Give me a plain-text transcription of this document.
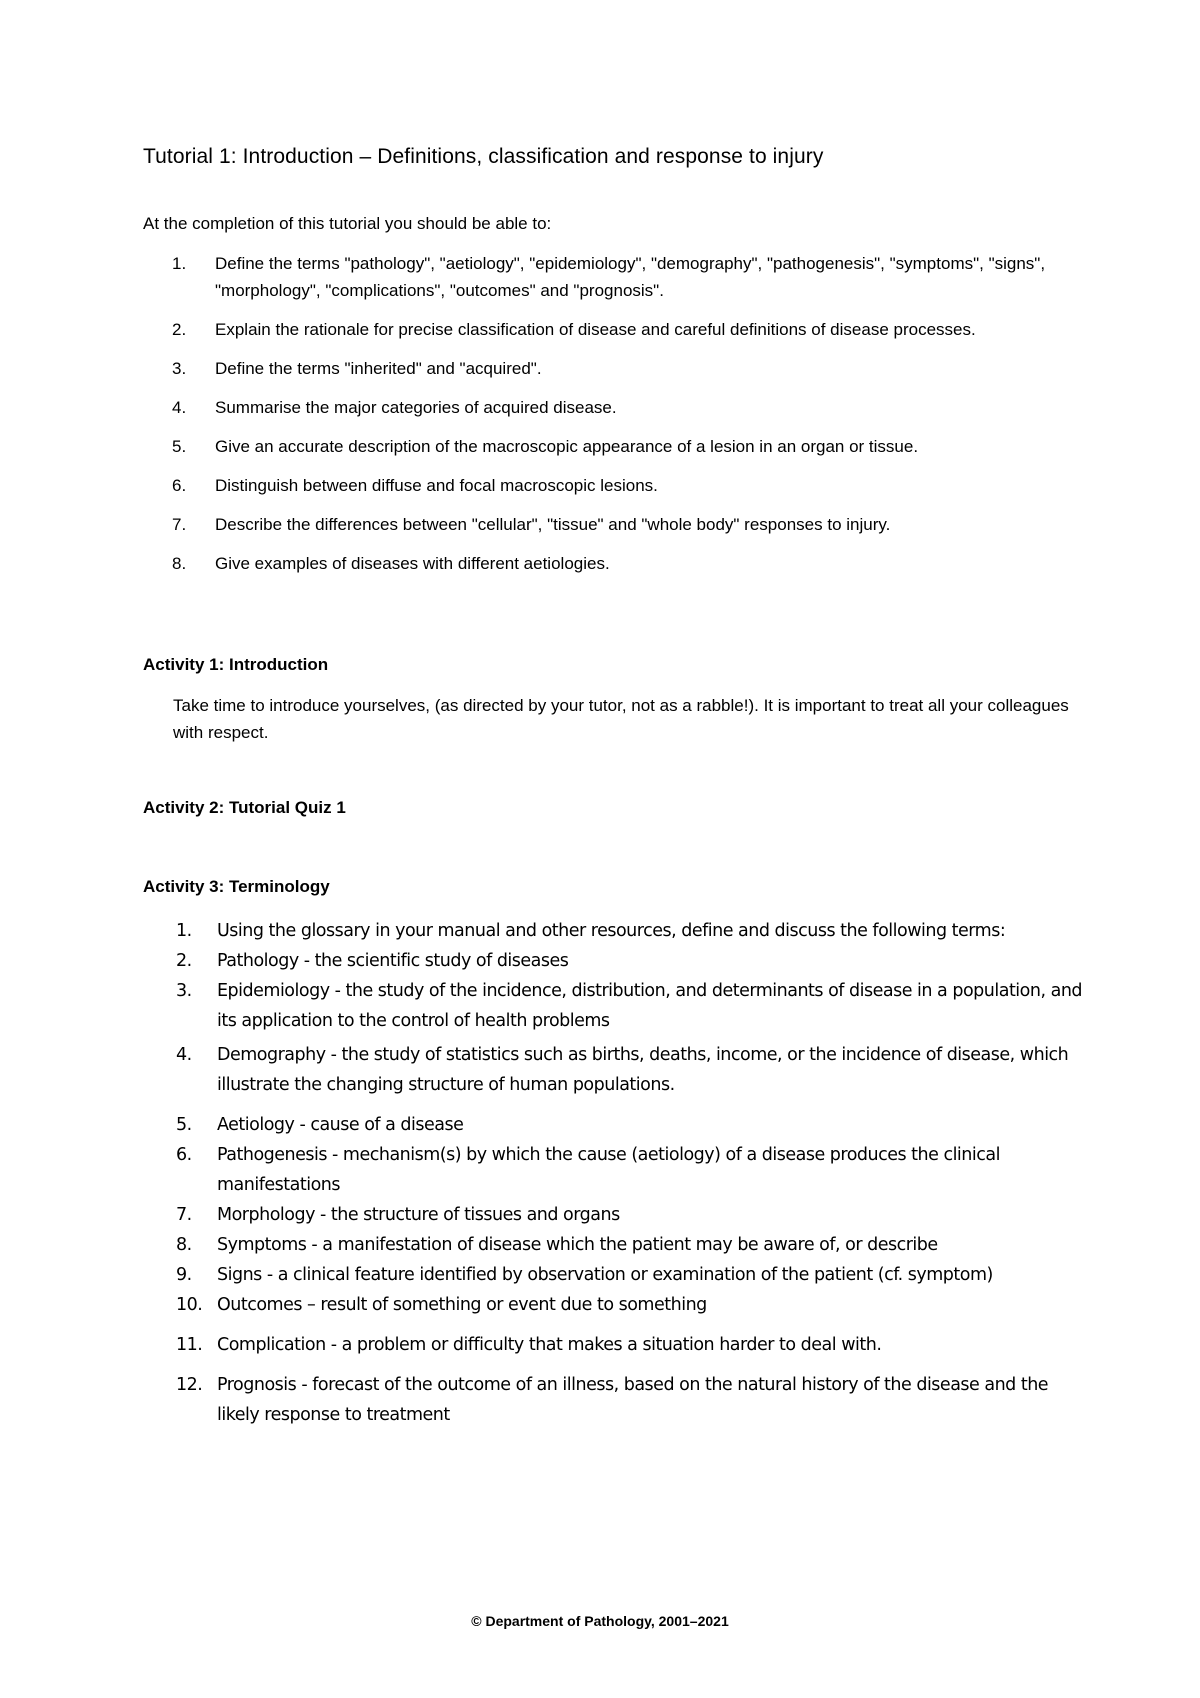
Tutorial 1: Introduction – Definitions, classification and response to injury

At the completion of this tutorial you should be able to:

1. Define the terms "pathology", "aetiology", "epidemiology", "demography", "pathogenesis", "symptoms", "signs", "morphology", "complications", "outcomes" and "prognosis".
2. Explain the rationale for precise classification of disease and careful definitions of disease processes.
3. Define the terms "inherited" and "acquired".
4. Summarise the major categories of acquired disease.
5. Give an accurate description of the macroscopic appearance of a lesion in an organ or tissue.
6. Distinguish between diffuse and focal macroscopic lesions.
7. Describe the differences between "cellular", "tissue" and "whole body" responses to injury.
8. Give examples of diseases with different aetiologies.
Activity 1: Introduction

Take time to introduce yourselves, (as directed by your tutor, not as a rabble!). It is important to treat all your colleagues with respect.

Activity 2: Tutorial Quiz 1
Activity 3: Terminology
1. Using the glossary in your manual and other resources, define and discuss the following terms:
2. Pathology - the scientific study of diseases
3. Epidemiology - the study of the incidence, distribution, and determinants of disease in a population, and its application to the control of health problems
4. Demography - the study of statistics such as births, deaths, income, or the incidence of disease, which illustrate the changing structure of human populations.
5. Aetiology - cause of a disease
6. Pathogenesis - mechanism(s) by which the cause (aetiology) of a disease produces the clinical manifestations
7. Morphology - the structure of tissues and organs
8. Symptoms - a manifestation of disease which the patient may be aware of, or describe
9. Signs - a clinical feature identified by observation or examination of the patient (cf. symptom)
10. Outcomes – result of something or event due to something
11. Complication - a problem or difficulty that makes a situation harder to deal with.
12. Prognosis - forecast of the outcome of an illness, based on the natural history of the disease and the likely response to treatment

© Department of Pathology, 2001–2021
